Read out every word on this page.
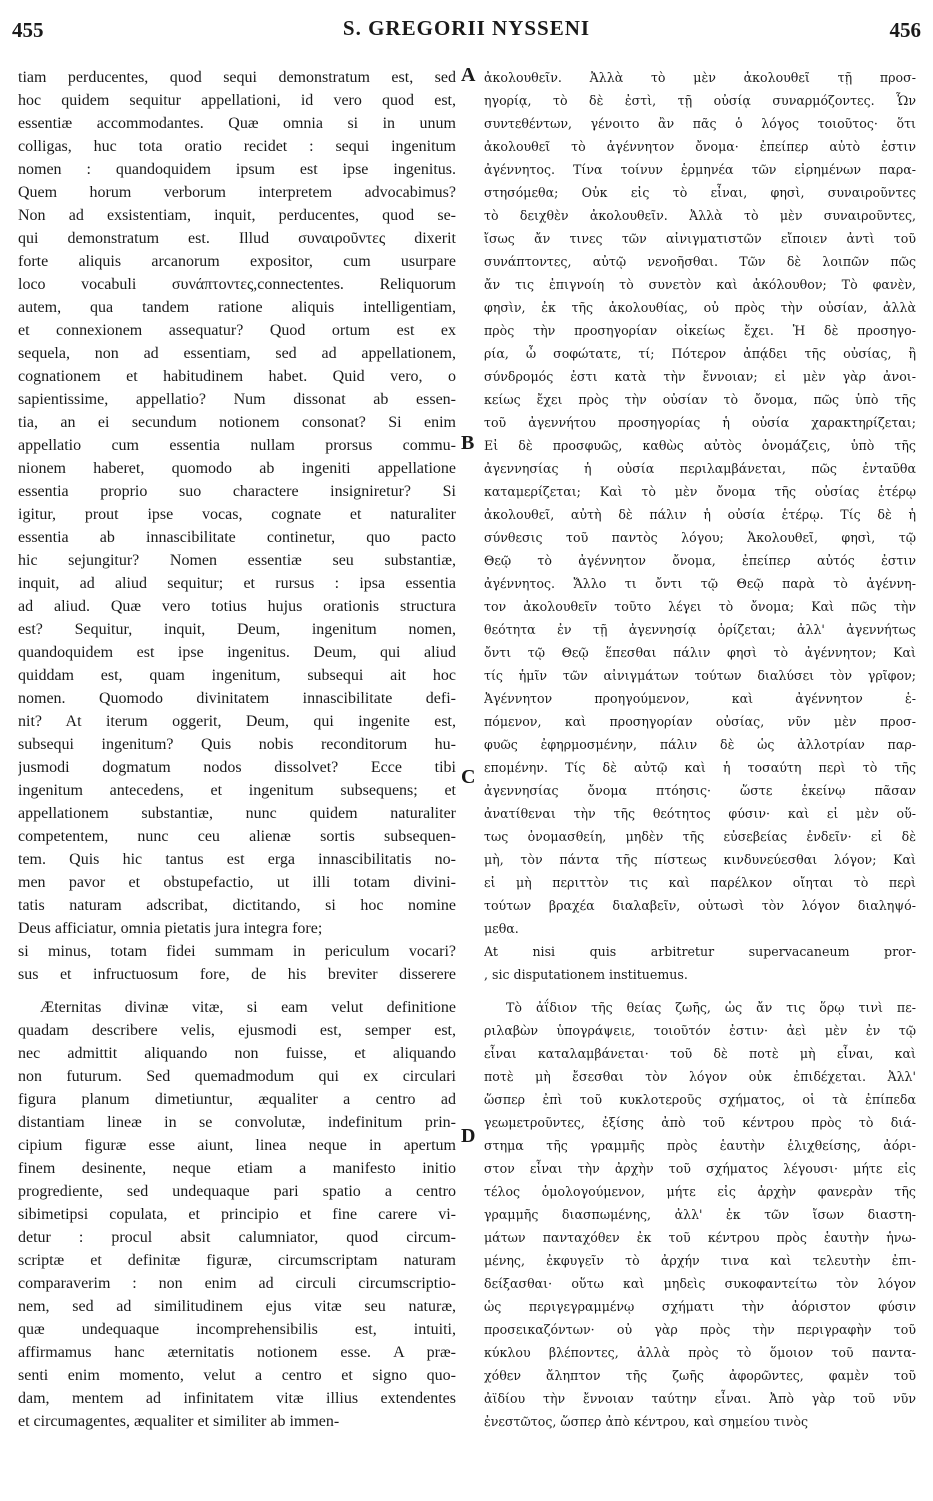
455	S. GREGORII NYSSENI	456
tiam perducentes, quod sequi demonstratum est, sed
hoc quidem sequitur appellationi, id vero quod est,
essentiæ accommodantes. Quæ omnia si in unum
colligas, huc tota oratio recidet : sequi ingenitum
nomen : quandoquidem ipsum est ipse ingenitus.
Quem horum verborum interpretem advocabimus?
Non ad exsistentiam, inquit, perducentes, quod se-
qui demonstratum est. Illud συναιροῦντες dixerit
forte aliquis arcanorum expositor, cum usurpare
loco vocabuli συνάπτοντες,connectentes. Reliquorum
autem, qua tandem ratione aliquis intelligentiam,
et connexionem assequatur? Quod ortum est ex
sequela, non ad essentiam, sed ad appellationem,
cognationem et habitudinem habet. Quid vero, o
sapientissime, appellatio? Num dissonat ab essen-
tia, an ei secundum notionem consonat? Si enim
appellatio cum essentia nullam prorsus commu-
nionem haberet, quomodo ab ingeniti appellatione
essentia proprio suo charactere insigniretur? Si
igitur, prout ipse vocas, cognate et naturaliter
essentia ab innascibilitate continetur, quo pacto
hic sejungitur? Nomen essentiæ seu substantiæ,
inquit, ad aliud sequitur; et rursus : ipsa essentia
ad aliud. Quæ vero totius hujus orationis structura
est? Sequitur, inquit, Deum, ingenitum nomen,
quandoquidem est ipse ingenitus. Deum, qui aliud
quiddam est, quam ingenitum, subsequi ait hoc
nomen. Quomodo divinitatem innascibilitate defi-
nit? At iterum oggerit, Deum, qui ingenite est,
subsequi ingenitum? Quis nobis reconditorum hu-
jusmodi dogmatum nodos dissolvet? Ecce tibi
ingenitum antecedens, et ingenitum subsequens; et
appellationem substantiæ, nunc quidem naturaliter
competentem, nunc ceu alienæ sortis subsequen-
tem. Quis hic tantus est erga innascibilitatis no-
men pavor et obstupefactio, ut illi totam divini-
tatis naturam adscribat, dictitando, si hoc nomine
Deus afficiatur, omnia pietatis jura integra fore;
si minus, totam fidei summam in periculum vocari?
sus et infructuosum fore, de his breviter disserere
Æternitas divinæ vitæ, si eam velut definitione
quadam describere velis, ejusmodi est, semper est,
nec admittit aliquando non fuisse, et aliquando
non futurum. Sed quemadmodum qui ex circulari
figura planum dimetiuntur, æqualiter a centro ad
distantiam lineæ in se convolutæ, indefinitum prin-
cipium figuræ esse aiunt, linea neque in apertum
finem desinente, neque etiam a manifesto initio
progrediente, sed undequaque pari spatio a centro
sibimetipsi copulata, et principio et fine carere vi-
detur : procul absit calumniator, quod circum-
scriptæ et definitæ figuræ, circumscriptam naturam
comparaverim : non enim ad circuli circumscriptio-
nem, sed ad similitudinem ejus vitæ seu naturæ,
quæ undequaque incomprehensibilis est, intuiti,
affirmamus hanc æternitatis notionem esse. A præ-
senti enim momento, velut a centro et signo quo-
dam, mentem ad infinitatem vitæ illius extendentes
et circumagentes, æqualiter et similiter ab immen-
ἀκολουθεῖν. Ἀλλὰ τὸ μὲν ἀκολουθεῖ τῇ προσ-
ηγορίᾳ, τὸ δὲ ἐστὶ, τῇ οὐσίᾳ συναρμόζοντες. Ὧν
συντεθέντων, γένοιτο ἂν πᾶς ὁ λόγος τοιοῦτος· ὅτι
ἀκολουθεῖ τὸ ἀγέννητον ὄνομα· ἐπείπερ αὐτὸ ἐστιν
ἀγέννητος. Τίνα τοίνυν ἑρμηνέα τῶν εἰρημένων παρα-
στησόμεθα; Οὐκ εἰς τὸ εἶναι, φησὶ, συναιροῦντες
τὸ δειχθὲν ἀκολουθεῖν. Ἀλλὰ τὸ μὲν συναιροῦντες,
ἴσως ἄν τινες τῶν αἰνιγματιστῶν εἴποιεν ἀντὶ τοῦ
συνάπτοντες, αὐτῷ νενοῆσθαι. Τῶν δὲ λοιπῶν πῶς
ἄν τις ἐπιγνοίη τὸ συνετὸν καὶ ἀκόλουθον; Τὸ φανὲν,
φησὶν, ἐκ τῆς ἀκολουθίας, οὐ πρὸς τὴν οὐσίαν, ἀλλὰ
πρὸς τὴν προσηγορίαν οἰκείως ἔχει. Ἡ δὲ προσηγο-
ρία, ὦ σοφώτατε, τί; Πότερον ἀπᾴδει τῆς οὐσίας, ἢ
σύνδρομός ἐστι κατὰ τὴν ἔννοιαν; εἰ μὲν γὰρ ἀνοι-
κείως ἔχει πρὸς τὴν οὐσίαν τὸ ὄνομα, πῶς ὑπὸ τῆς
τοῦ ἀγεννήτου προσηγορίας ἡ οὐσία χαρακτηρίζεται;
Εἰ δὲ προσφυῶς, καθὼς αὐτὸς ὀνομάζεις, ὑπὸ τῆς
ἀγεννησίας ἡ οὐσία περιλαμβάνεται, πῶς ἐνταῦθα
καταμερίζεται; Καὶ τὸ μὲν ὄνομα τῆς οὐσίας ἑτέρῳ
ἀκολουθεῖ, αὐτὴ δὲ πάλιν ἡ οὐσία ἑτέρῳ. Τίς δὲ ἡ
σύνθεσις τοῦ παντὸς λόγου; Ἀκολουθεῖ, φησὶ, τῷ
Θεῷ τὸ ἀγέννητον ὄνομα, ἐπείπερ αὐτός ἐστιν
ἀγέννητος. Ἄλλο τι ὄντι τῷ Θεῷ παρὰ τὸ ἀγέννη-
τον ἀκολουθεῖν τοῦτο λέγει τὸ ὄνομα; Καὶ πῶς τὴν
θεότητα ἐν τῇ ἀγεννησίᾳ ὁρίζεται; ἀλλ' ἀγεννήτως
ὄντι τῷ Θεῷ ἕπεσθαι πάλιν φησὶ τὸ ἀγέννητον; Καὶ
τίς ἡμῖν τῶν αἰνιγμάτων τούτων διαλύσει τὸν γρῖφον;
Ἀγέννητον προηγούμενον, καὶ ἀγέννητον ἑ-
πόμενον, καὶ προσηγορίαν οὐσίας, νῦν μὲν προσ-
φυῶς ἐφηρμοσμένην, πάλιν δὲ ὡς ἀλλοτρίαν παρ-
επομένην. Τίς δὲ αὐτῷ καὶ ἡ τοσαύτη περὶ τὸ τῆς
ἀγεννησίας ὄνομα πτόησις· ὥστε ἐκείνῳ πᾶσαν
ἀνατίθεναι τὴν τῆς θεότητος φύσιν· καὶ εἰ μὲν οὕ-
τως ὀνομασθείη, μηδὲν τῆς εὐσεβείας ἐνδεῖν· εἰ δὲ
μὴ, τὸν πάντα τῆς πίστεως κινδυνεύεσθαι λόγον; Καὶ
εἰ μὴ περιττὸν τις καὶ παρέλκον οἴηται τὸ περὶ
τούτων βραχέα διαλαβεῖν, οὑτωσὶ τὸν λόγον διαληψό-
μεθα.
At nisi quis arbitretur supervacaneum pror-
, sic disputationem instituemus.
Τὸ ἀΐδιον τῆς θείας ζωῆς, ὡς ἄν τις ὅρῳ τινὶ πε-
ριλαβὼν ὑπογράψειε, τοιοῦτόν ἐστιν· ἀεὶ μὲν ἐν τῷ
εἶναι καταλαμβάνεται· τοῦ δὲ ποτὲ μὴ εἶναι, καὶ
ποτὲ μὴ ἔσεσθαι τὸν λόγον οὐκ ἐπιδέχεται. Ἀλλ'
ὥσπερ ἐπὶ τοῦ κυκλοτεροῦς σχήματος, οἱ τὰ ἐπίπεδα
γεωμετροῦντες, ἐξίσης ἀπὸ τοῦ κέντρου πρὸς τὸ διά-
στημα τῆς γραμμῆς πρὸς ἑαυτὴν ἑλιχθείσης, ἀόρι-
στον εἶναι τὴν ἀρχὴν τοῦ σχήματος λέγουσι· μήτε εἰς
τέλος ὁμολογούμενον, μήτε εἰς ἀρχὴν φανερὰν τῆς
γραμμῆς διασπωμένης, ἀλλ' ἐκ τῶν ἴσων διαστη-
μάτων πανταχόθεν ἐκ τοῦ κέντρου πρὸς ἑαυτὴν ἡνω-
μένης, ἐκφυγεῖν τὸ ἀρχήν τινα καὶ τελευτὴν ἐπι-
δείξασθαι· οὕτω καὶ μηδεὶς συκοφαντείτω τὸν λόγον
ὡς περιγεγραμμένῳ σχήματι τὴν ἀόριστον φύσιν
προσεικαζόντων· οὐ γὰρ πρὸς τὴν περιγραφὴν τοῦ
κύκλου βλέποντες, ἀλλὰ πρὸς τὸ ὅμοιον τοῦ παντα-
χόθεν ἄληπτον τῆς ζωῆς ἀφορῶντες, φαμὲν τοῦ
ἀϊδίου τὴν ἔννοιαν ταύτην εἶναι. Ἀπὸ γὰρ τοῦ νῦν
ἐνεστῶτος, ὥσπερ ἀπὸ κέντρου, καὶ σημείου τινὸς
A
B
C
D
